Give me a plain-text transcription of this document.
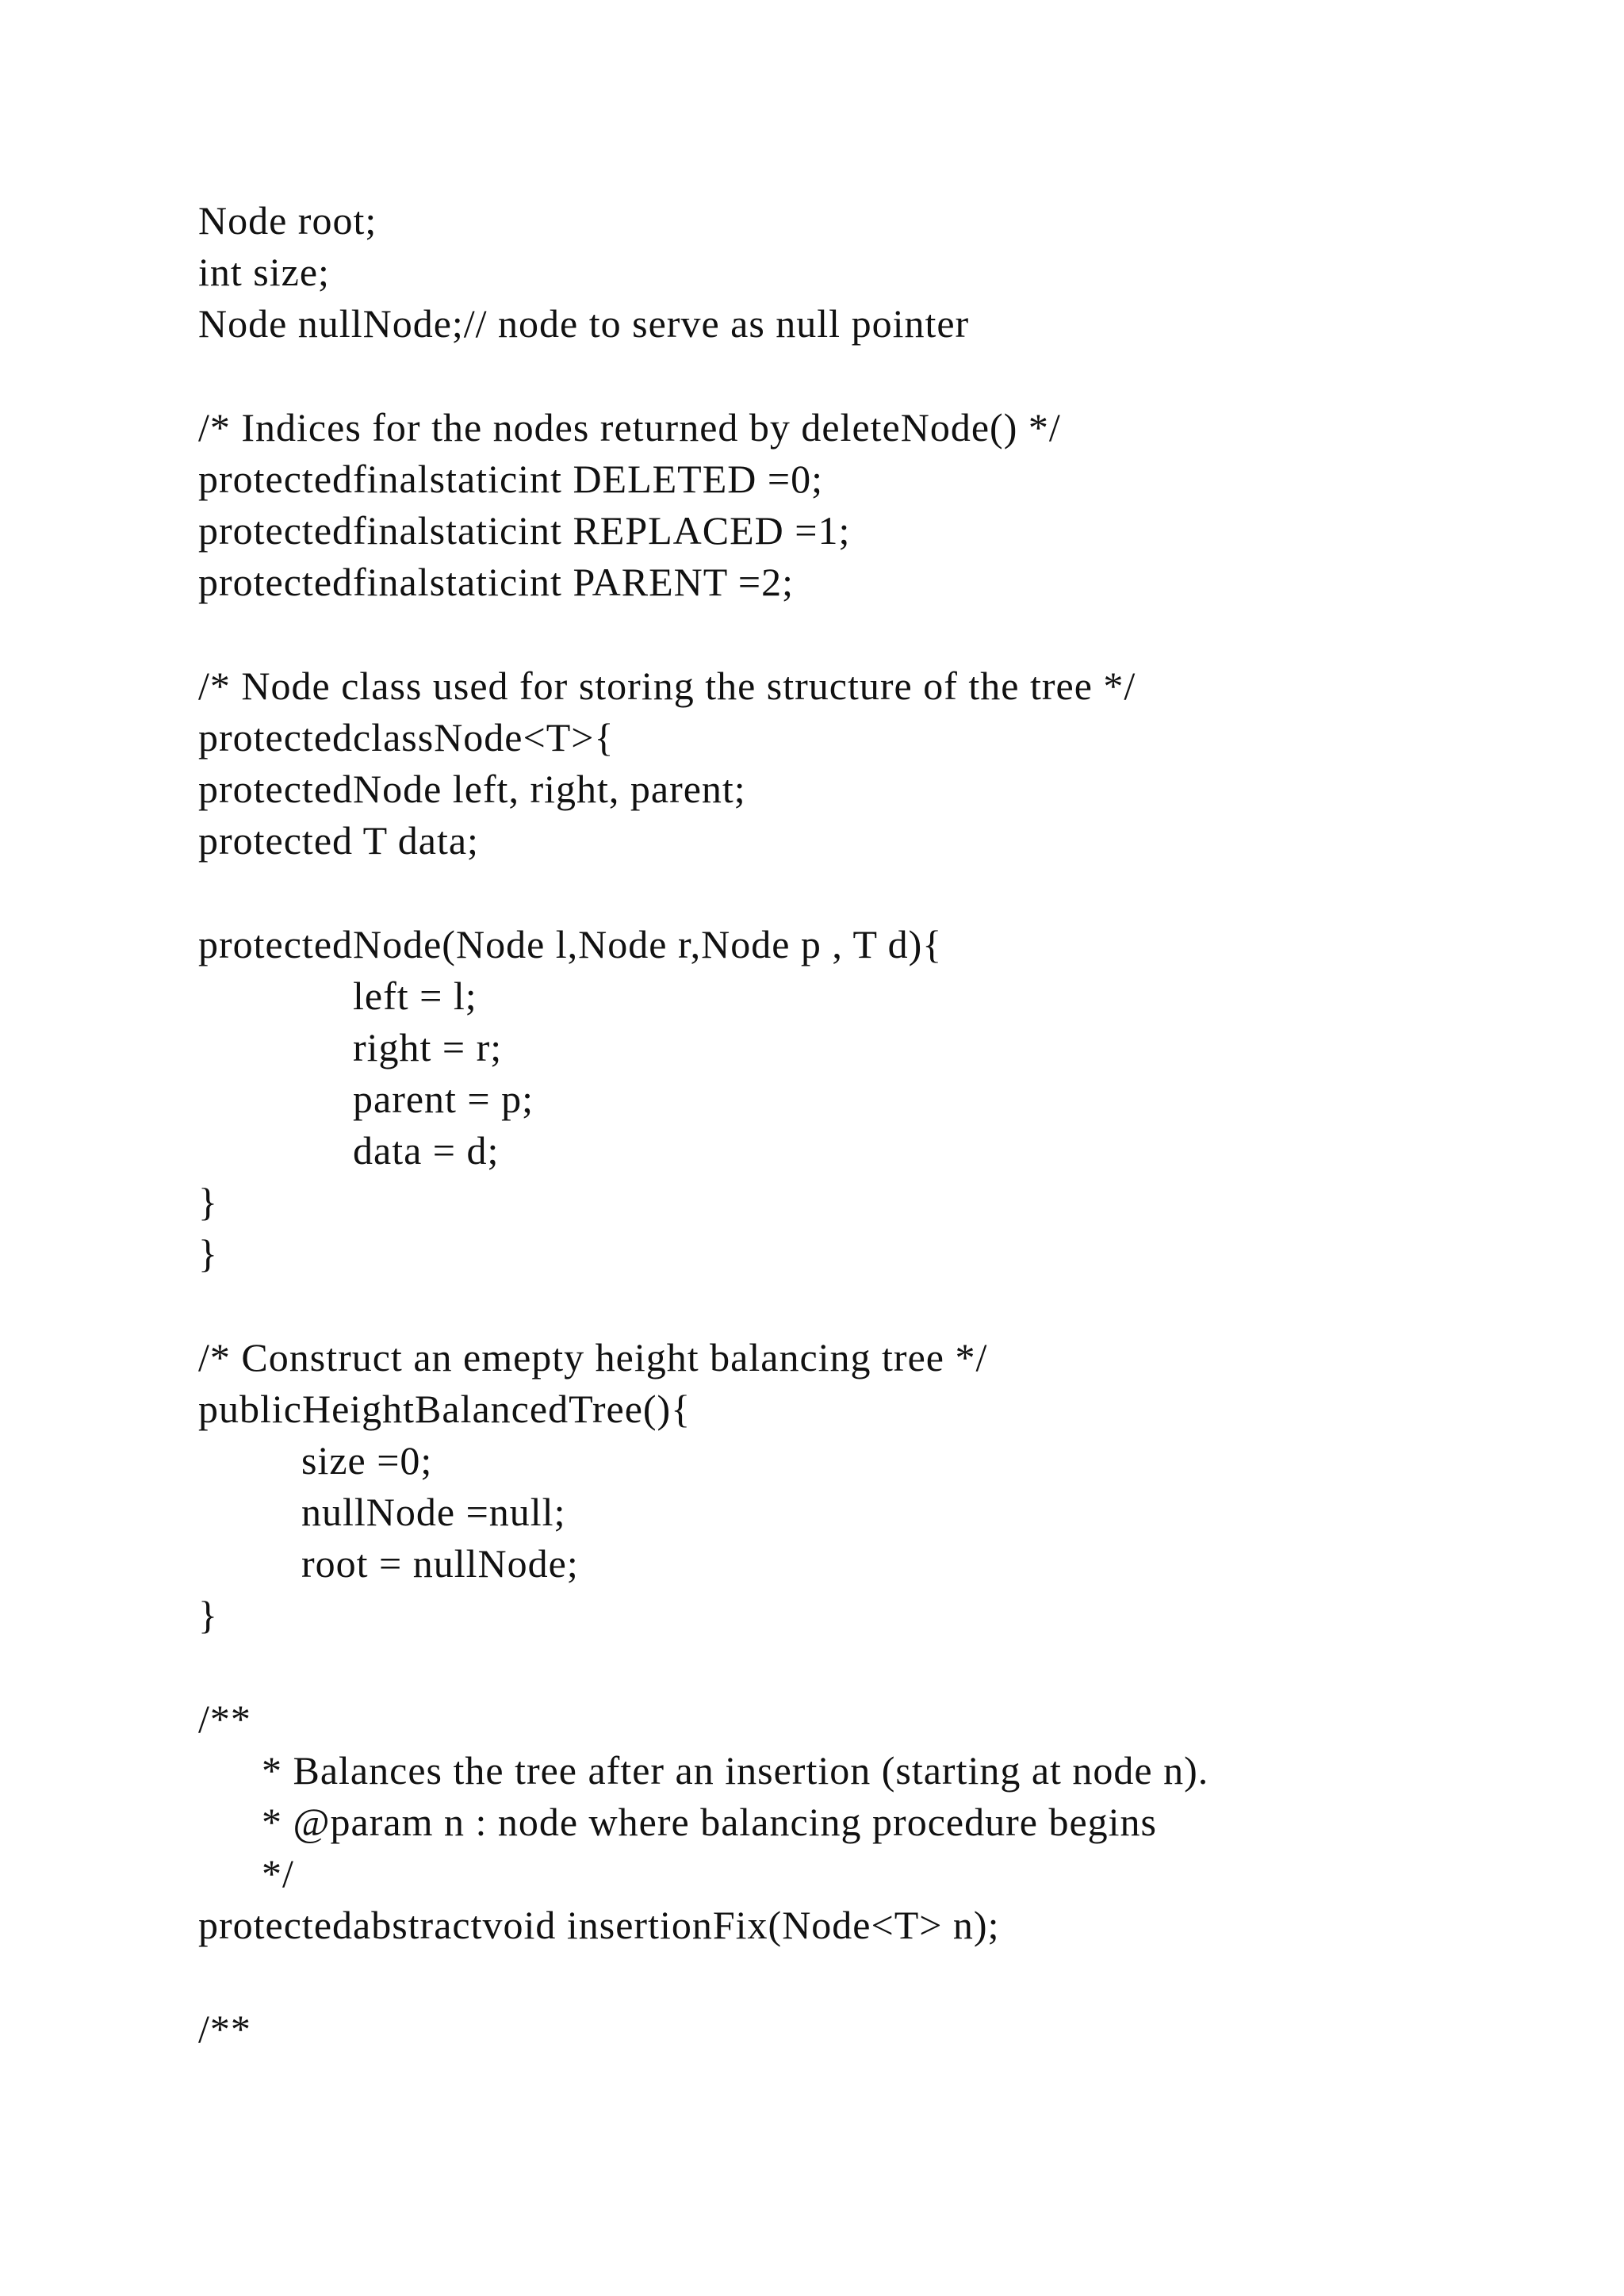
Node root;
int size;
Node nullNode;// node to serve as null pointer
/* Indices for the nodes returned by deleteNode() */
protectedfinalstaticint DELETED =0;
protectedfinalstaticint REPLACED =1;
protectedfinalstaticint PARENT =2;
/* Node class used for storing the structure of the tree */
protectedclassNode<T>{
protectedNode left, right, parent;
protected T data;
protectedNode(Node l,Node r,Node p , T d){
left = l;
right = r;
parent = p;
data = d;
}
}
/* Construct an emepty height balancing tree */
publicHeightBalancedTree(){
size =0;
nullNode =null;
root = nullNode;
}
/**
* Balances the tree after an insertion (starting at node n).
* @param n : node where balancing procedure begins
*/
protectedabstractvoid insertionFix(Node<T> n);
/**
